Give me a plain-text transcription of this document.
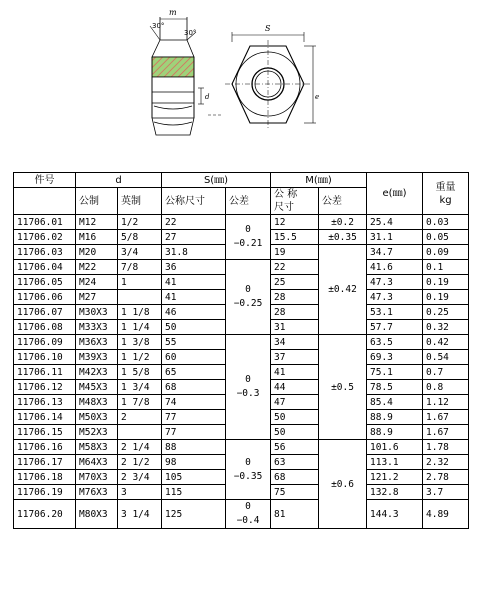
30°
30°
m
d
S
e
件号	d		S(㎜)		M(㎜)		e(㎜)	重量
kg

	公制	英制	公称尺寸	公差	公 称
尺寸	公差		

11706.01	M12	1/2	22	0
−0.21	12	±0.2	25.4	0.03
11706.02	M16	5/8	27		15.5	±0.35	31.1	0.05
11706.03	M20	3/4	31.8		19	±0.42	34.7	0.09
11706.04	M22	7/8	36	0
−0.25	22		41.6	0.1
11706.05	M24	1	41		25		47.3	0.19
11706.06	M27		41		28		47.3	0.19
11706.07	M30X3	1 1/8	46		28		53.1	0.25
11706.08	M33X3	1 1/4	50		31		57.7	0.32
11706.09	M36X3	1 3/8	55	0
−0.3	34	±0.5	63.5	0.42
11706.10	M39X3	1 1/2	60		37		69.3	0.54
11706.11	M42X3	1 5/8	65		41		75.1	0.7
11706.12	M45X3	1 3/4	68		44		78.5	0.8
11706.13	M48X3	1 7/8	74		47		85.4	1.12
11706.14	M50X3	2	77		50		88.9	1.67
11706.15	M52X3		77		50		88.9	1.67
11706.16	M58X3	2 1/4	88	0
−0.35	56	±0.6	101.6	1.78
11706.17	M64X3	2 1/2	98		63		113.1	2.32
11706.18	M70X3	2 3/4	105		68		121.2	2.78
11706.19	M76X3	3	115		75		132.8	3.7
11706.20	M80X3	3 1/4	125	0
−0.4	81		144.3	4.89
